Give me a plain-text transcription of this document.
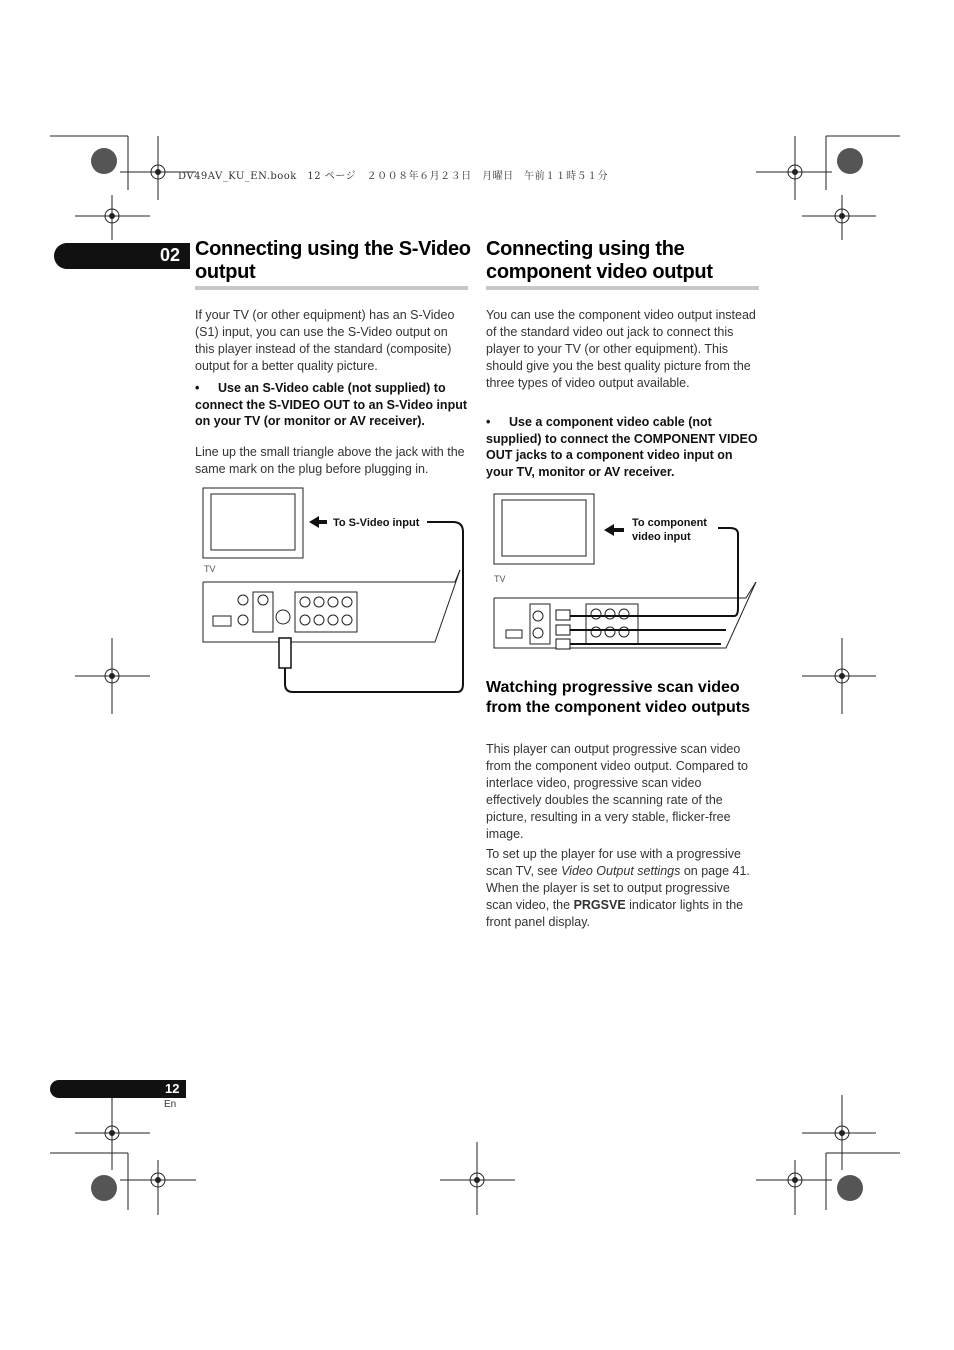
DV49AV_KU_EN.book　12 ページ　２００８年６月２３日　月曜日　午前１１時５１分
02 Connecting using the S-Video output

If your TV (or other equipment) has an S-Video (S1) input, you can use the S-Video output on this player instead of the standard (composite) output for a better quality picture.

• Use an S-Video cable (not supplied) to connect the S-VIDEO OUT to an S-Video input on your TV (or monitor or AV receiver).

Line up the small triangle above the jack with the same mark on the plug before plugging in.

TV
To S-Video input
Connecting using the component video output

You can use the component video output instead of the standard video out jack to connect this player to your TV (or other equipment). This should give you the best quality picture from the three types of video output available.

• Use a component video cable (not supplied) to connect the COMPONENT VIDEO OUT jacks to a component video input on your TV, monitor or AV receiver.

TV
To component
video input
Watching progressive scan video from the component video outputs

This player can output progressive scan video from the component video output. Compared to interlace video, progressive scan video effectively doubles the scanning rate of the picture, resulting in a very stable, flicker-free image.

To set up the player for use with a progressive scan TV, see Video Output settings on page 41. When the player is set to output progressive scan video, the PRGSVE indicator lights in the front panel display.

12
En
